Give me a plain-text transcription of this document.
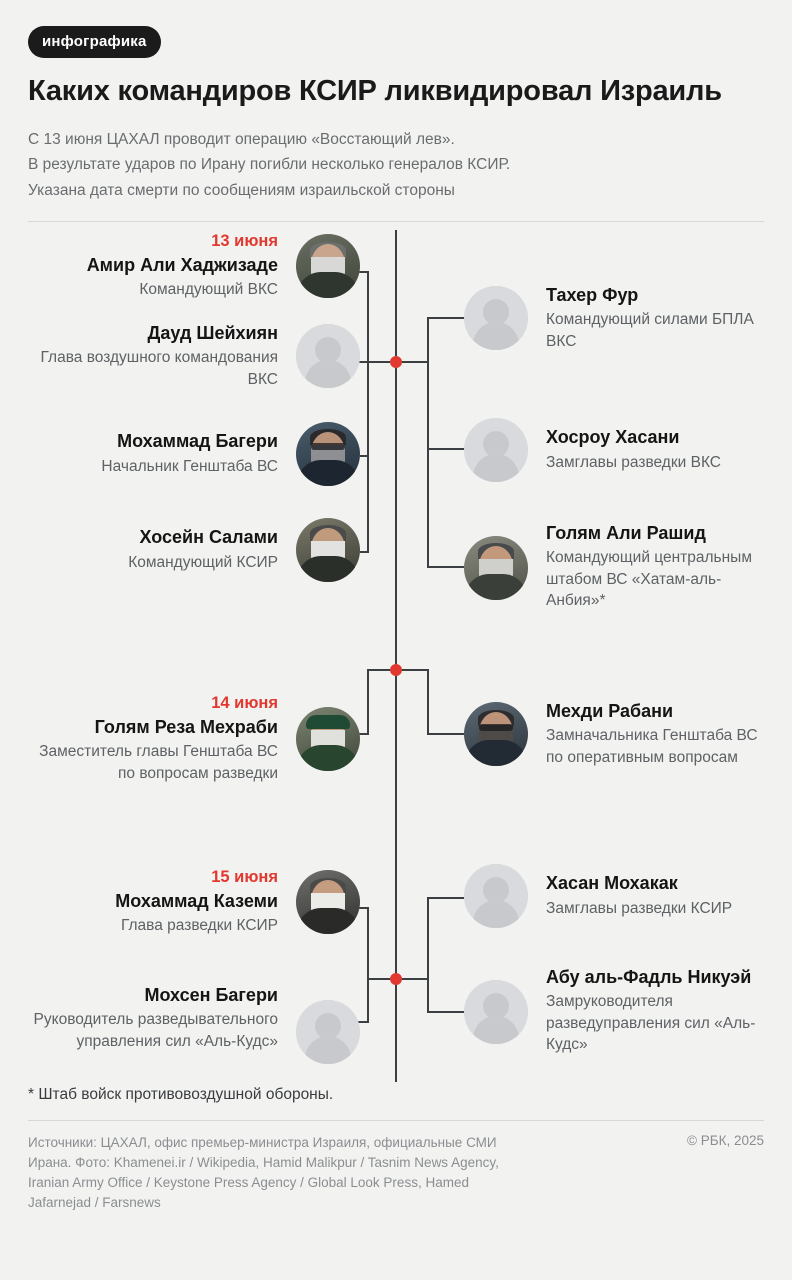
инфографика
Каких командиров КСИР ликвидировал Израиль
С 13 июня ЦАХАЛ проводит операцию «Восстающий лев».
В результате ударов по Ирану погибли несколько генералов КСИР.
Указана дата смерти по сообщениям израильской стороны
13 июня
Амир Али Хаджизаде
Командующий ВКС
Дауд Шейхиян
Глава воздушного командования ВКС
Мохаммад Багери
Начальник Генштаба ВС
Хосейн Салами
Командующий КСИР
Тахер Фур
Командующий силами БПЛА ВКС
Хосроу Хасани
Замглавы разведки ВКС
Голям Али Рашид
Командующий центральным штабом ВС «Хатам-аль-Анбия»*
14 июня
Голям Реза Мехраби
Заместитель главы Генштаба ВС по вопросам разведки
Мехди Рабани
Замначальника Генштаба ВС по оперативным вопросам
15 июня
Мохаммад Каземи
Глава разведки КСИР
Мохсен Багери
Руководитель разведывательного управления сил «Аль-Кудс»
Хасан Мохакак
Замглавы разведки КСИР
Абу аль-Фадль Никуэй
Замруководителя разведуправления сил «Аль-Кудс»
* Штаб войск противовоздушной обороны.
Источники: ЦАХАЛ, офис премьер-министра Израиля, официальные СМИ
Ирана. Фото: Khamenei.ir / Wikipedia, Hamid Malikpur / Tasnim News Agency,
Iranian Army Office / Keystone Press Agency / Global Look Press, Hamed
Jafarnejad / Farsnews
© РБК, 2025
